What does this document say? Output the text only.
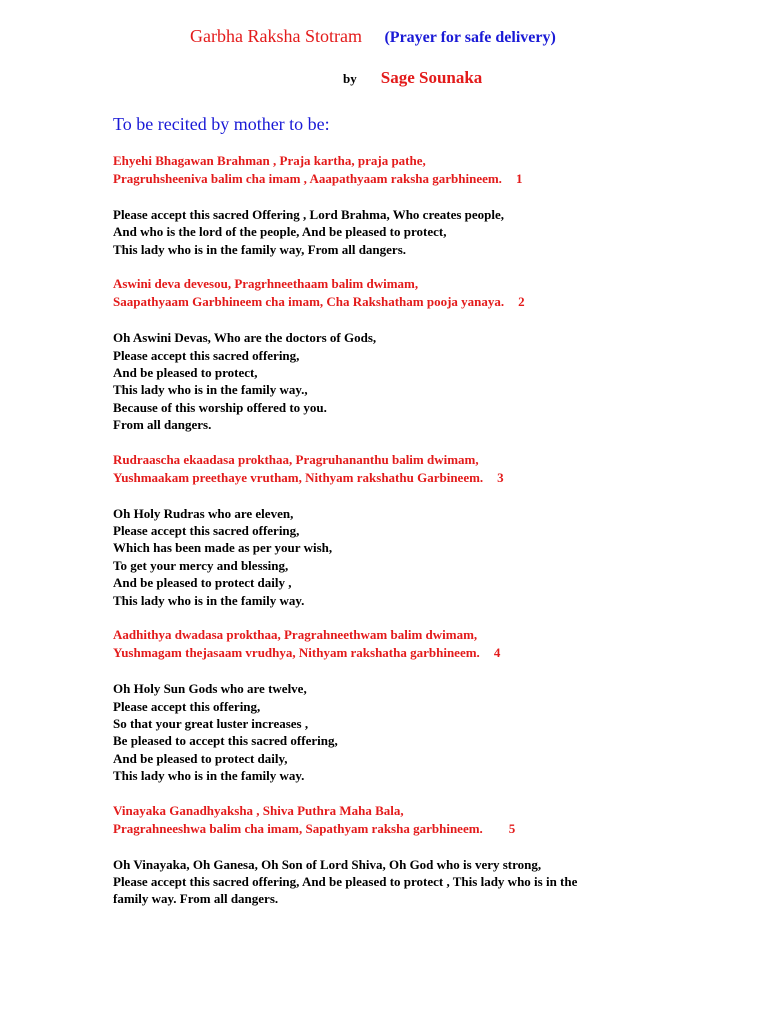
Garbha Raksha Stotram (Prayer for safe delivery)
by Sage Sounaka
To be recited by mother to be:
Ehyehi Bhagawan Brahman , Praja kartha, praja pathe,
Pragruhsheeniva balim cha imam , Aaapathyaam raksha garbhineem. 1
Please accept this sacred Offering , Lord Brahma, Who creates people,
And who is the lord of the people, And be pleased to protect,
This lady who is in the family way, From all dangers.
Aswini deva devesou, Pragrhneethaam balim dwimam,
Saapathyaam Garbhineem cha imam, Cha Rakshatham pooja yanaya. 2
Oh Aswini Devas, Who are the doctors of Gods,
Please accept this sacred offering,
And be pleased to protect,
This lady who is in the family way.,
Because of this worship offered to you.
From all dangers.
Rudraascha ekaadasa prokthaa, Pragruhananthu balim dwimam,
Yushmaakam preethaye vrutham, Nithyam rakshathu Garbineem. 3
Oh Holy Rudras who are eleven,
Please accept this sacred offering,
Which has been made as per your wish,
To get your mercy and blessing,
And be pleased to protect daily ,
This lady who is in the family way.
Aadhithya dwadasa prokthaa, Pragrahneethwam balim dwimam,
Yushmagam thejasaam vrudhya, Nithyam rakshatha garbhineem. 4
Oh Holy Sun Gods who are twelve,
Please accept this offering,
So that your great luster increases ,
Be pleased to accept this sacred offering,
And be pleased to protect daily,
This lady who is in the family way.
Vinayaka Ganadhyaksha , Shiva Puthra Maha Bala,
Pragrahneeshwa balim cha imam, Sapathyam raksha garbhineem. 5
Oh Vinayaka, Oh Ganesa, Oh Son of Lord Shiva, Oh God who is very strong,
Please accept this sacred offering, And be pleased to protect , This lady who is in the
family way. From all dangers.
